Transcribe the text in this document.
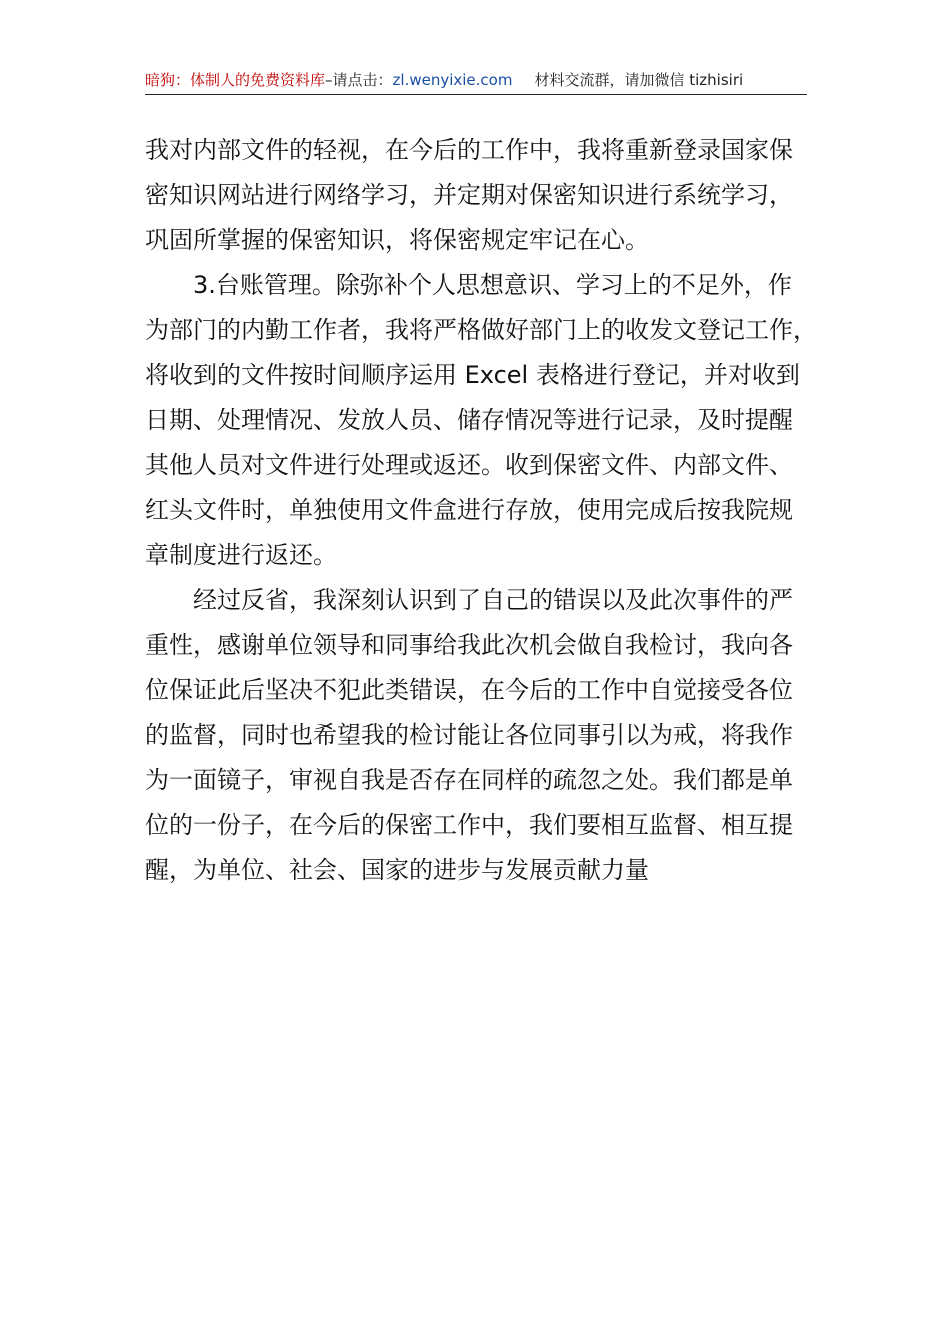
暗狗：体制人的免费资料库–请点击：zl.wenyixie.com 材料交流群，请加微信 tizhisiri

我对内部文件的轻视，在今后的工作中，我将重新登录国家保

密知识网站进行网络学习，并定期对保密知识进行系统学习，

巩固所掌握的保密知识，将保密规定牢记在心。

　　3.台账管理。除弥补个人思想意识、学习上的不足外，作

为部门的内勤工作者，我将严格做好部门上的收发文登记工作，

将收到的文件按时间顺序运用 Excel 表格进行登记，并对收到

日期、处理情况、发放人员、储存情况等进行记录，及时提醒

其他人员对文件进行处理或返还。收到保密文件、内部文件、

红头文件时，单独使用文件盒进行存放，使用完成后按我院规

章制度进行返还。

　　经过反省，我深刻认识到了自己的错误以及此次事件的严

重性，感谢单位领导和同事给我此次机会做自我检讨，我向各

位保证此后坚决不犯此类错误，在今后的工作中自觉接受各位

的监督，同时也希望我的检讨能让各位同事引以为戒，将我作

为一面镜子，审视自我是否存在同样的疏忽之处。我们都是单

位的一份子，在今后的保密工作中，我们要相互监督、相互提

醒，为单位、社会、国家的进步与发展贡献力量
